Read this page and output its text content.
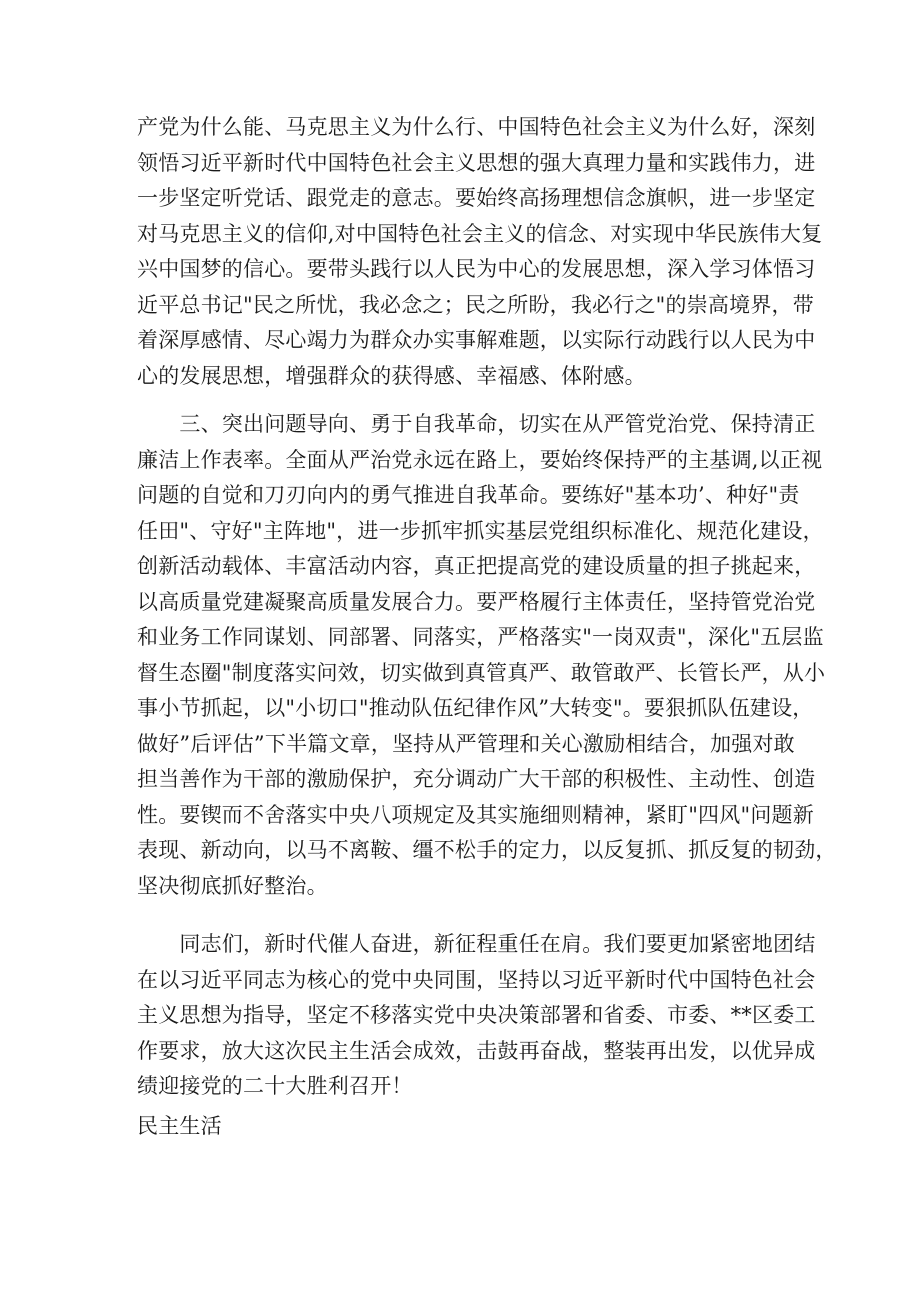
产党为什么能、马克思主义为什么行、中国特色社会主义为什么好，深刻
领悟习近平新时代中国特色社会主义思想的强大真理力量和实践伟力，进
一步坚定听党话、跟党走的意志。要始终高扬理想信念旗帜，进一步坚定
对马克思主义的信仰,对中国特色社会主义的信念、对实现中华民族伟大复
兴中国梦的信心。要带头践行以人民为中心的发展思想，深入学习体悟习
近平总书记"民之所忧，我必念之；民之所盼，我必行之"的崇高境界，带
着深厚感情、尽心竭力为群众办实事解难题，以实际行动践行以人民为中
心的发展思想，增强群众的获得感、幸福感、体附感。
　　三、突出问题导向、勇于自我革命，切实在从严管党治党、保持清正
廉洁上作表率。全面从严治党永远在路上，要始终保持严的主基调,以正视
问题的自觉和刀刃向内的勇气推进自我革命。要练好"基本功’、种好"责
任田"、守好"主阵地"，进一步抓牢抓实基层党组织标准化、规范化建设，
创新活动载体、丰富活动内容，真正把提高党的建设质量的担子挑起来，
以高质量党建凝聚高质量发展合力。要严格履行主体责任，坚持管党治党
和业务工作同谋划、同部署、同落实，严格落实"一岗双责"，深化"五层监
督生态圈"制度落实问效，切实做到真管真严、敢管敢严、长管长严，从小
事小节抓起，以"小切口"推动队伍纪律作风”大转变"。要狠抓队伍建设，
做好”后评估”下半篇文章，坚持从严管理和关心激励相结合，加强对敢
担当善作为干部的激励保护，充分调动广大干部的积极性、主动性、创造
性。要锲而不舍落实中央八项规定及其实施细则精神，紧盯"四风"问题新
表现、新动向，以马不离鞍、缰不松手的定力，以反复抓、抓反复的韧劲，
坚决彻底抓好整治。
　　同志们，新时代催人奋进，新征程重任在肩。我们要更加紧密地团结
在以习近平同志为核心的党中央同围，坚持以习近平新时代中国特色社会
主义思想为指导，坚定不移落实党中央决策部署和省委、市委、**区委工
作要求，放大这次民主生活会成效，击鼓再奋战，整装再出发，以优异成
绩迎接党的二十大胜利召开！
民主生活
